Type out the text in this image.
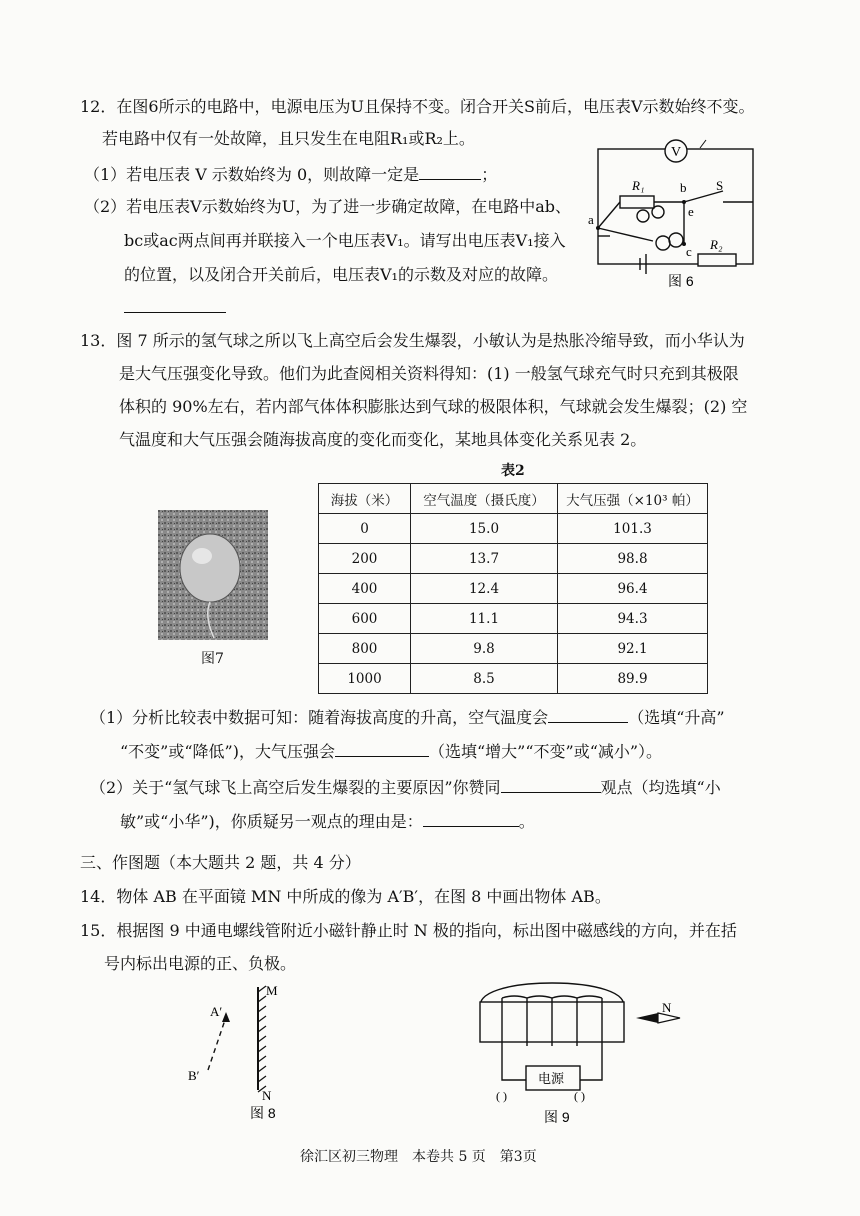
12．在图6所示的电路中，电源电压为U且保持不变。闭合开关S前后，电压表V示数始终不变。
若电路中仅有一处故障，且只发生在电阻R₁或R₂上。
（1）若电压表 V 示数始终为 0，则故障一定是	；
（2）若电压表V示数始终为U，为了进一步确定故障，在电路中ab、
bc或ac两点间再并联接入一个电压表V₁。请写出电压表V₁接入
的位置，以及闭合开关前后，电压表V₁的示数及对应的故障。
V
R₁	b S
a
e
c R₂
图 6
13．图 7 所示的氢气球之所以飞上高空后会发生爆裂，小敏认为是热胀冷缩导致，而小华认为
是大气压强变化导致。他们为此查阅相关资料得知：(1) 一般氢气球充气时只充到其极限
体积的 90%左右，若内部气体体积膨胀达到气球的极限体积，气球就会发生爆裂；(2) 空
气温度和大气压强会随海拔高度的变化而变化，某地具体变化关系见表 2。
图7
表2
海拔（米）	空气温度（摄氏度）	大气压强（×10³ 帕）
0	15.0	101.3
200	13.7	98.8
400	12.4	96.4
600	11.1	94.3
800	9.8	92.1
1000	8.5	89.9
（1）分析比较表中数据可知：随着海拔高度的升高，空气温度会	（选填“升高”
“不变”或“降低”)，大气压强会	（选填“增大”“不变”或“减小”）。
（2）关于“氢气球飞上高空后发生爆裂的主要原因”你赞同	观点（均选填“小
敏”或“小华”)，你质疑另一观点的理由是：	。
三、作图题（本大题共 2 题，共 4 分）
14．物体 AB 在平面镜 MN 中所成的像为 A′B′，在图 8 中画出物体 AB。
15．根据图 9 中通电螺线管附近小磁针静止时 N 极的指向，标出图中磁感线的方向，并在括
号内标出电源的正、负极。
M
N
A′
B′
图 8
N
电源
( )	( )
图 9
徐汇区初三物理　本卷共 5 页　第3页
